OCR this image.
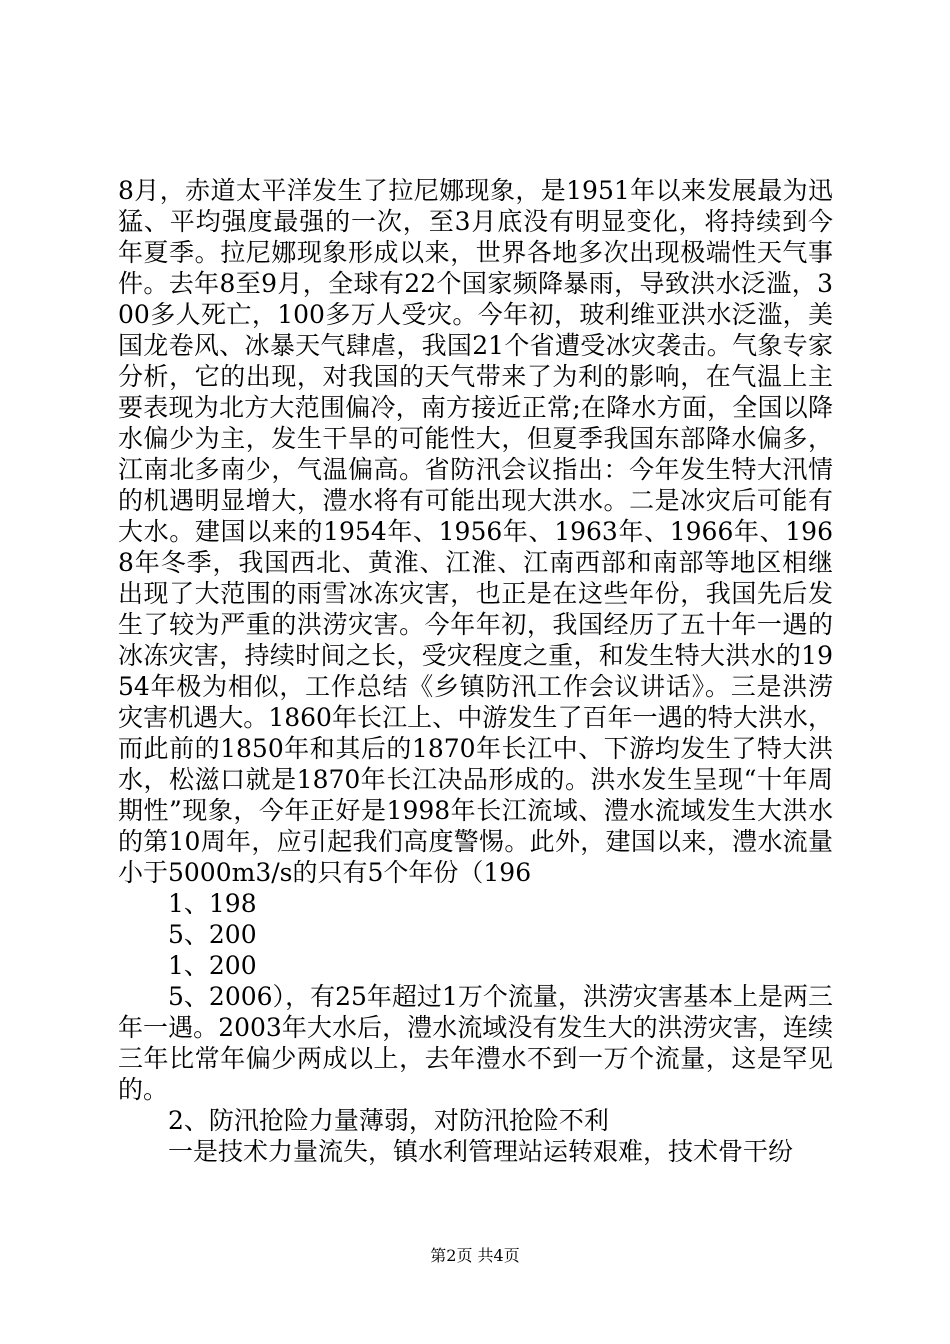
8月，赤道太平洋发生了拉尼娜现象，是1951年以来发展最为迅猛、平均强度最强的一次，至3月底没有明显变化，将持续到今年夏季。拉尼娜现象形成以来，世界各地多次出现极端性天气事件。去年8至9月，全球有22个国家频降暴雨，导致洪水泛滥，300多人死亡，100多万人受灾。今年初，玻利维亚洪水泛滥，美国龙卷风、冰暴天气肆虐，我国21个省遭受冰灾袭击。气象专家分析，它的出现，对我国的天气带来了为利的影响，在气温上主要表现为北方大范围偏冷，南方接近正常;在降水方面，全国以降水偏少为主，发生干旱的可能性大，但夏季我国东部降水偏多，江南北多南少，气温偏高。省防汛会议指出：今年发生特大汛情的机遇明显增大，澧水将有可能出现大洪水。二是冰灾后可能有大水。建国以来的1954年、1956年、1963年、1966年、1968年冬季，我国西北、黄淮、江淮、江南西部和南部等地区相继出现了大范围的雨雪冰冻灾害，也正是在这些年份，我国先后发生了较为严重的洪涝灾害。今年年初，我国经历了五十年一遇的冰冻灾害，持续时间之长，受灾程度之重，和发生特大洪水的1954年极为相似，工作总结《乡镇防汛工作会议讲话》。三是洪涝灾害机遇大。1860年长江上、中游发生了百年一遇的特大洪水，而此前的1850年和其后的1870年长江中、下游均发生了特大洪水，松滋口就是1870年长江决品形成的。洪水发生呈现“十年周期性”现象，今年正好是1998年长江流域、澧水流域发生大洪水的第10周年，应引起我们高度警惕。此外，建国以来，澧水流量小于5000m3/s的只有5个年份（196

1、198

5、200

1、200

5、2006），有25年超过1万个流量，洪涝灾害基本上是两三年一遇。2003年大水后，澧水流域没有发生大的洪涝灾害，连续三年比常年偏少两成以上，去年澧水不到一万个流量，这是罕见的。

2、防汛抢险力量薄弱，对防汛抢险不利

一是技术力量流失，镇水利管理站运转艰难，技术骨干纷

第2页 共4页
